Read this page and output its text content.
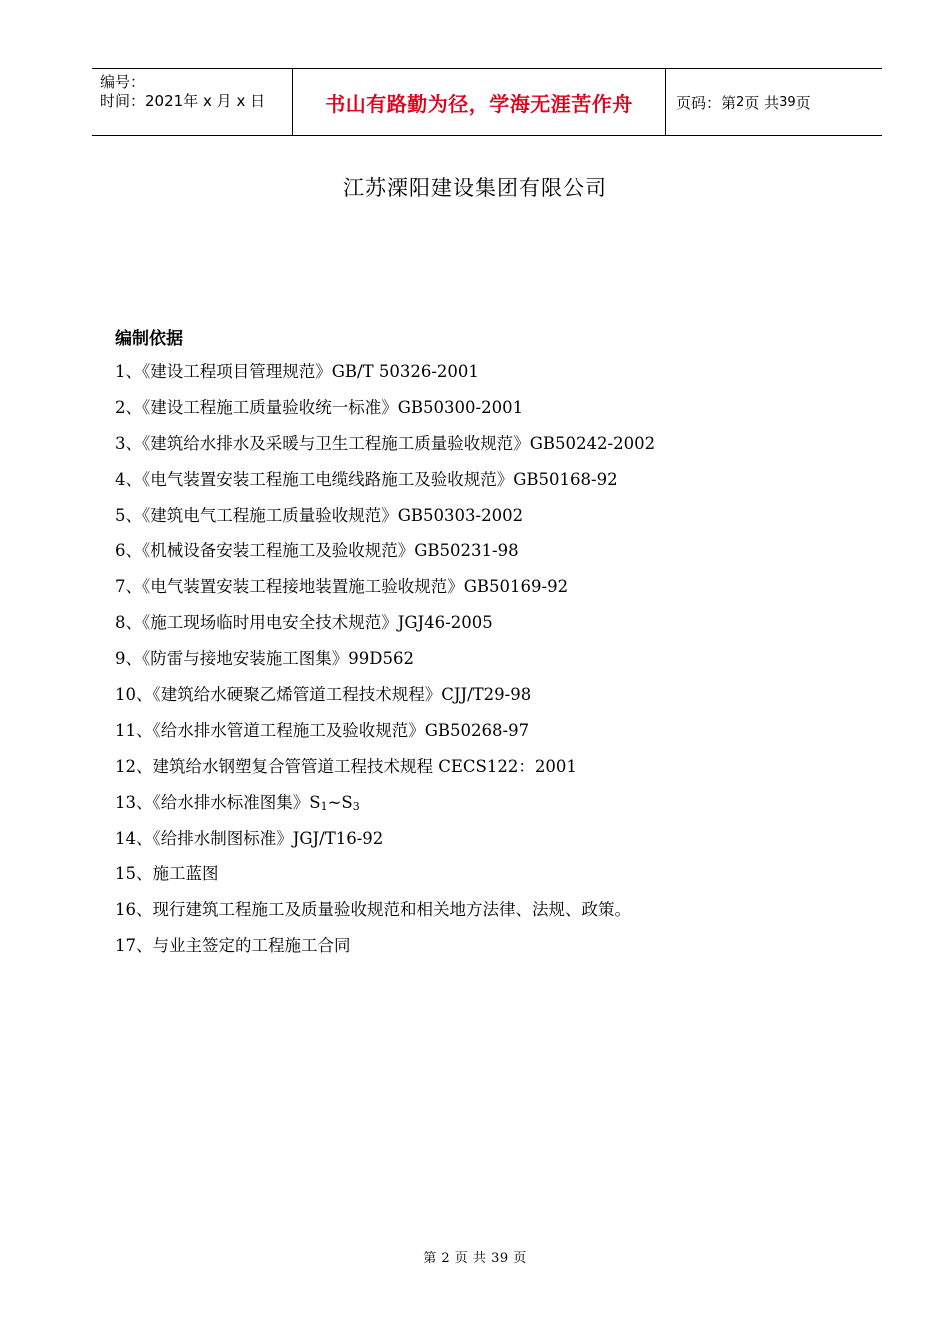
编号：
时间：2021年 x 月 x 日	书山有路勤为径，学海无涯苦作舟	页码：第 2 页 共 39 页
江苏溧阳建设集团有限公司
编制依据
1、《建设工程项目管理规范》GB/T 50326-2001
2、《建设工程施工质量验收统一标准》GB50300-2001
3、《建筑给水排水及采暖与卫生工程施工质量验收规范》GB50242-2002
4、《电气装置安装工程施工电缆线路施工及验收规范》GB50168-92
5、《建筑电气工程施工质量验收规范》GB50303-2002
6、《机械设备安装工程施工及验收规范》GB50231-98
7、《电气装置安装工程接地装置施工验收规范》GB50169-92
8、《施工现场临时用电安全技术规范》JGJ46-2005
9、《防雷与接地安装施工图集》99D562
10、《建筑给水硬聚乙烯管道工程技术规程》CJJ/T29-98
11、《给水排水管道工程施工及验收规范》GB50268-97
12、建筑给水钢塑复合管管道工程技术规程 CECS122：2001
13、《给水排水标准图集》$S_1\sim S_3$
14、《给排水制图标准》JGJ/T16-92
15、施工蓝图
16、现行建筑工程施工及质量验收规范和相关地方法律、法规、政策。
17、与业主签定的工程施工合同
第 2 页 共 39 页
